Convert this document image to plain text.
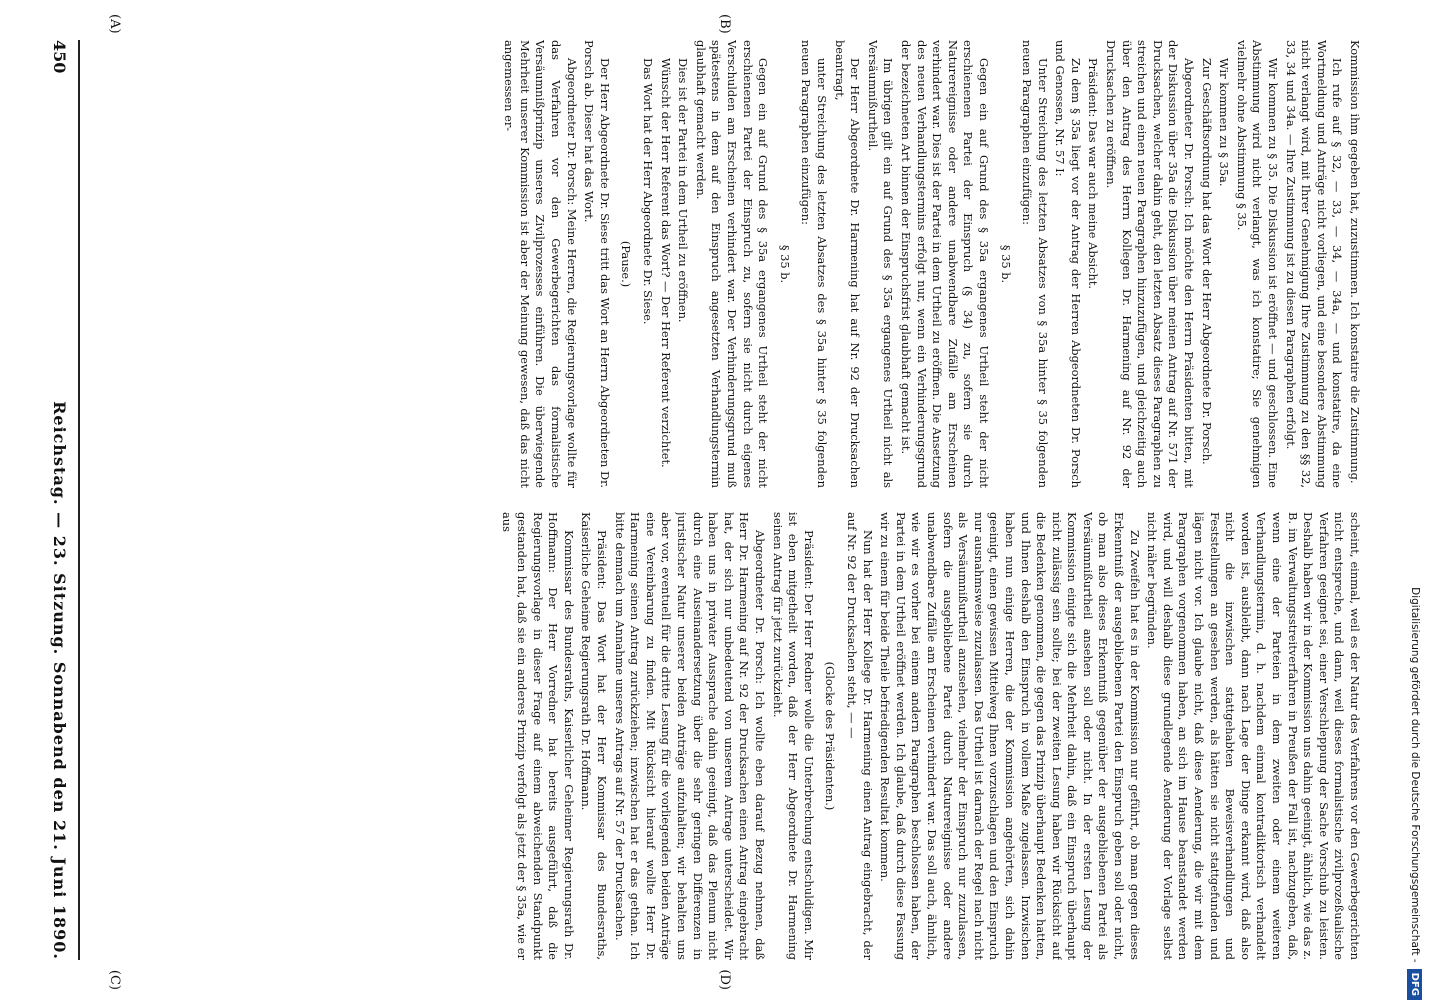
Digitalisierung gefördert durch die Deutsche Forschungsgemeinschaft -
DFG
(A)	(B)
(C)	(D)

Kommission ihm gegeben hat, zuzustimmen. Ich konstatire die Zustimmung.

Ich rufe auf § 32, — 33, — 34, — 34a, — und konstatire, da eine Wortmeldung und Anträge nicht vorliegen, und eine besondere Abstimmung nicht verlangt wird, mit Ihrer Genehmigung Ihre Zustimmung zu den §§ 32, 33, 34 und 34a. — Ihre Zustimmung ist zu diesen Paragraphen erfolgt.

Wir kommen zu § 35. Die Diskussion ist eröffnet — und geschlossen. Eine Abstimmung wird nicht verlangt, was ich konstatire; Sie genehmigen vielmehr ohne Abstimmung § 35.

Wir kommen zu § 35a.

Zur Geschäftsordnung hat das Wort der Herr Abgeordnete Dr. Porsch.

Abgeordneter Dr. Porsch: Ich möchte den Herrn Präsidenten bitten, mit der Diskussion über 35a die Diskussion über meinen Antrag auf Nr. 571 der Drucksachen, welcher dahin geht, den letzten Absatz dieses Paragraphen zu streichen und einen neuen Paragraphen hinzuzufügen, und gleichzeitig auch über den Antrag des Herrn Kollegen Dr. Harmening auf Nr. 92 der Drucksachen zu eröffnen.

Präsident: Das war auch meine Absicht.

Zu dem § 35a liegt vor der Antrag der Herren Abgeordneten Dr. Porsch und Genossen, Nr. 57 I:

Unter Streichung des letzten Absatzes von § 35a hinter § 35 folgenden neuen Paragraphen einzufügen:

§ 35 b.

Gegen ein auf Grund des § 35a ergangenes Urtheil steht der nicht erschienenen Partei der Einspruch (§ 34) zu, sofern sie durch Naturereignisse oder andere unabwendbare Zufälle am Erscheinen verhindert war. Dies ist der Partei in dem Urtheil zu eröffnen. Die Ansetzung des neuen Verhandlungstermins erfolgt nur, wenn ein Verhinderungsgrund der bezeichneten Art binnen der Einspruchsfrist glaubhaft gemacht ist.

Im übrigen gilt ein auf Grund des § 35a ergangenes Urtheil nicht als Versäumnißurtheil.

Der Herr Abgeordnete Dr. Harmening hat auf Nr. 92 der Drucksachen beantragt,

unter Streichung des letzten Absatzes des § 35a hinter § 35 folgenden neuen Paragraphen einzufügen:

§ 35 b.

Gegen ein auf Grund des § 35a ergangenes Urtheil steht der nicht erschienenen Partei der Einspruch zu, sofern sie nicht durch eigenes Verschulden am Erscheinen verhindert war. Der Verhinderungsgrund muß spätestens in dem auf den Einspruch angesetzten Verhandlungstermin glaubhaft gemacht werden.

Dies ist der Partei in dem Urtheil zu eröffnen.

Wünscht der Herr Referent das Wort? — Der Herr Referent verzichtet.

Das Wort hat der Herr Abgeordnete Dr. Siese.

(Pause.)

Der Herr Abgeordnete Dr. Siese tritt das Wort an Herrn Abgeordneten Dr. Porsch ab. Dieser hat das Wort.

Abgeordneter Dr. Porsch: Meine Herren, die Regierungsvorlage wollte für das Verfahren vor den Gewerbegerichten das formalistische Versäumnißprinzip unseres Zivilprozesses einführen. Die überwiegende Mehrheit unserer Kommission ist aber der Meinung gewesen, daß das nicht angemessen er-

scheint, einmal, weil es der Natur des Verfahrens vor den Gewerbegerichten nicht entspreche, und dann, weil dieses formalistische zivilprozeßualische Verfahren geeignet sei, einer Verschleppung der Sache Vorschub zu leisten. Deshalb haben wir in der Kommission uns dahin geeinigt, ähnlich, wie das z. B. im Verwaltungsstreitverfahren in Preußen der Fall ist, nachzugeben, daß, wenn eine der Parteien in dem zweiten oder einem weiteren Verhandlungstermin, d. h. nachdem einmal kontradiktorisch verhandelt worden ist, ausbleibt, dann nach Lage der Dinge erkannt wird, daß also nicht die inzwischen stattgehabten Beweisverhandlungen und Feststellungen an gesehen werden, als hätten sie nicht stattgefunden und lägen nicht vor. Ich glaube nicht, daß diese Aenderung, die wir mit dem Paragraphen vorgenommen haben, an sich im Hause beanstandet werden wird, und will deshalb diese grundlegende Aenderung der Vorlage selbst nicht näher begründen.

Zu Zweifeln hat es in der Kommission nur geführt, ob man gegen dieses Erkenntniß der ausgebliebenen Partei den Einspruch geben soll oder nicht, ob man also dieses Erkenntniß gegenüber der ausgebliebenen Partei als Versäumnißurtheil ansehen soll oder nicht. In der ersten Lesung der Kommission einigte sich die Mehrheit dahin, daß ein Einspruch überhaupt nicht zulässig sein sollte; bei der zweiten Lesung haben wir Rücksicht auf die Bedenken genommen, die gegen das Prinzip überhaupt Bedenken hatten, und Ihnen deshalb den Einspruch in vollem Maße zugelassen. Inzwischen haben nun einige Herren, die der Kommission angehörten, sich dahin geeinigt, einen gewissen Mittelweg Ihnen vorzuschlagen und den Einspruch nur ausnahmsweise zuzulassen. Das Urtheil ist darnach der Regel nach nicht als Versäumnißurtheil anzusehen, vielmehr der Einspruch nur zuzulassen, sofern die ausgebliebene Partei durch Naturereignisse oder andere unabwendbare Zufälle am Erscheinen verhindert war. Das soll auch, ähnlich, wie wir es vorher bei einem andern Paragraphen beschlossen haben, der Partei in dem Urtheil eröffnet werden. Ich glaube, daß durch diese Fassung wir zu einem für beide Theile befriedigenden Resultat kommen.

Nun hat der Herr Kollege Dr. Harmening einen Antrag eingebracht, der auf Nr. 92 der Drucksachen steht, — —

(Glocke des Präsidenten.)

Präsident: Der Herr Redner wolle die Unterbrechung entschuldigen. Mir ist eben mitgetheilt worden, daß der Herr Abgeordnete Dr. Harmening seinen Antrag für jetzt zurückzieht.

Abgeordneter Dr. Porsch: Ich wollte eben darauf Bezug nehmen, daß Herr Dr. Harmening auf Nr. 92 der Drucksachen einen Antrag eingebracht hat, der sich nur unbedeutend von unserem Antrage unterscheidet. Wir haben uns in privater Aussprache dahin geeinigt, daß das Plenum nicht durch eine Auseinandersetzung über die sehr geringen Differenzen in juristischer Natur unserer beiden Anträge aufzuhalten; wir behalten uns aber vor, eventuell für die dritte Lesung für die vorliegenden beiden Anträge eine Vereinbarung zu finden. Mit Rücksicht hierauf wollte Herr Dr. Harmening seinen Antrag zurückziehen; inzwischen hat er das gethan. Ich bitte demnach um Annahme unseres Antrags auf Nr. 57 der Drucksachen.

Präsident: Das Wort hat der Herr Kommissar des Bundesraths, Kaiserliche Geheime Regierungsrath Dr. Hoffmann.

Kommissar des Bundesraths, Kaiserlicher Geheimer Regierungsrath Dr. Hoffmann: Der Herr Vorredner hat bereits ausgeführt, daß die Regierungsvorlage in dieser Frage auf einem abweichenden Standpunkt gestanden hat, daß sie ein anderes Prinzip verfolgt als jetzt der § 35a, wie er aus

450
Reichstag. — 23. Sitzung. Sonnabend den 21. Juni 1890.
